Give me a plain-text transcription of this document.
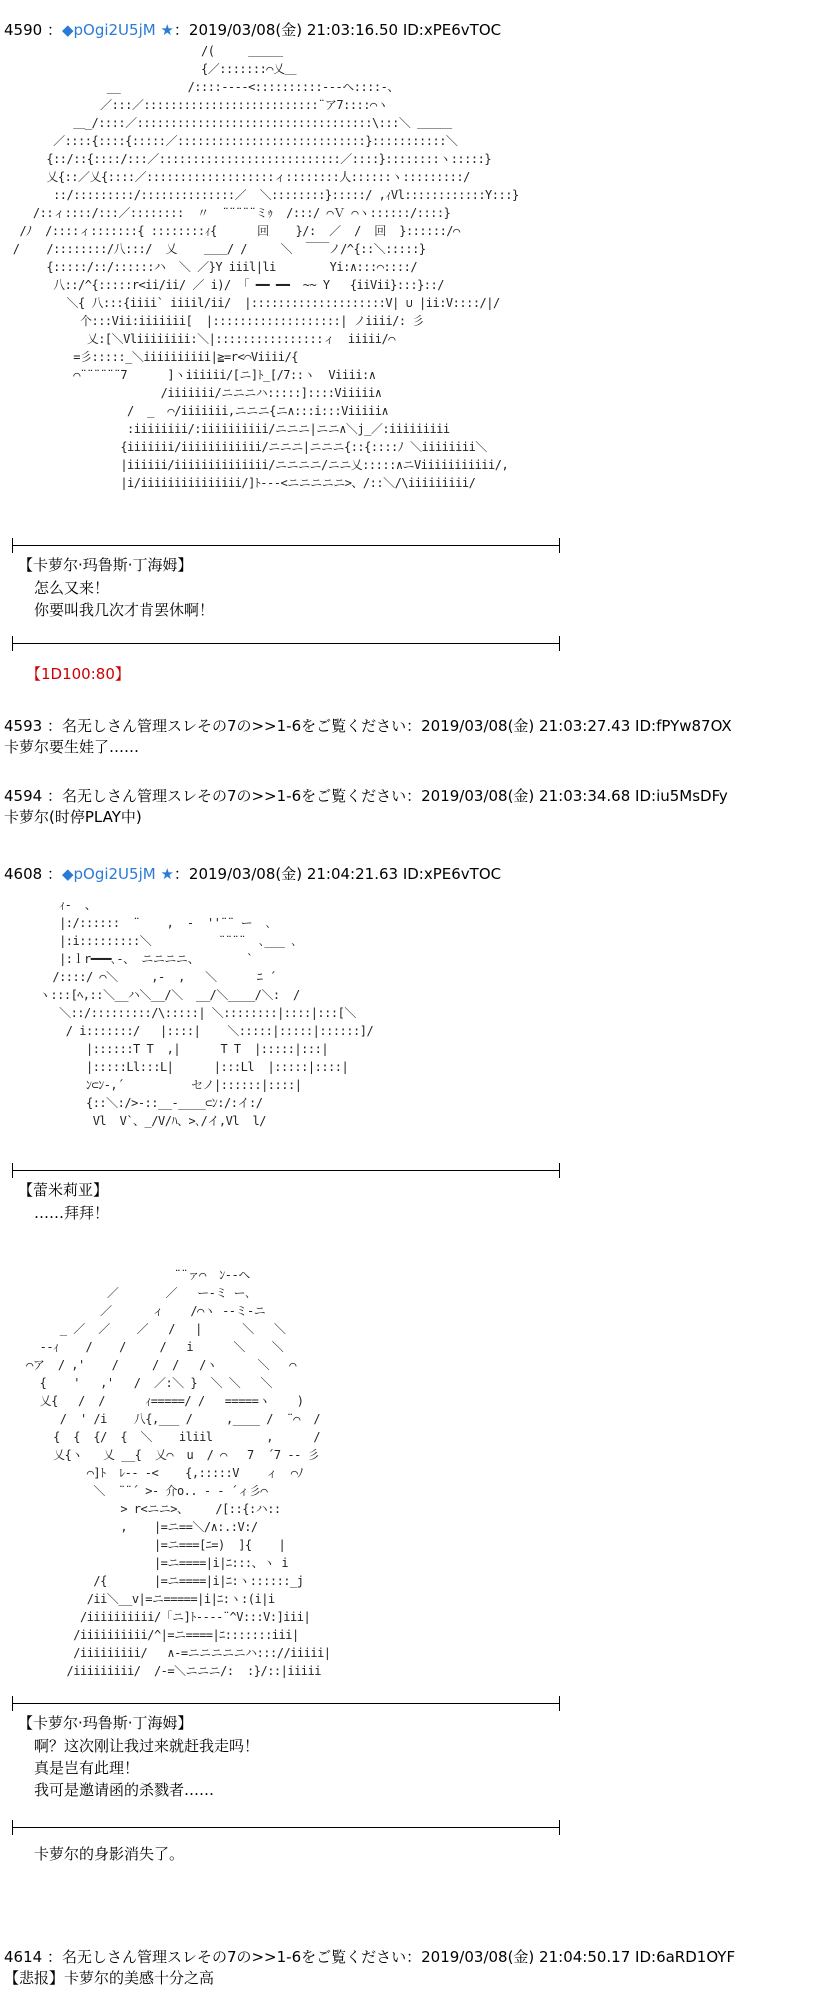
4590 ：◆pOgi2U5jM ★：2019/03/08(金) 21:03:16.50 ID:xPE6vTOC
/(     ＿＿＿
{／:::::::⌒乂＿
__          /::::----<::::::::::---ヘ::::-、
／:::／::::::::::::::::::::::::::¨ア7::::⌒ヽ
＿_/::::／:::::::::::::::::::::::::::::::::::\:::＼ ＿＿＿
／::::{::::{:::::／::::::::::::::::::::::::::::}:::::::::::＼
{::/::{::::/:::／:::::::::::::::::::::::::::／::::}::::::::ヽ:::::}
乂{::／乂{::::／:::::::::::::::::::ィ::::::::人::::::ヽ:::::::::/
::/:::::::::/::::::::::::::／  ＼::::::::}:::::/ ,ｨVl::::::::::::Y:::}
/::ィ::::/:::／::::::::  〃  ¨¨¨¨¨ミｩ  /:::/ ⌒Ｖ ⌒ヽ::::::/::::}
/ﾉ  /::::ィ:::::::{ ::::::::ｨ{      回    }/:  ／  /  回  }::::::/⌒
/    /::::::::/八:::/  乂    ＿＿/ /     ＼  ￣￣ノ/^{::＼:::::}
{:::::/::/::::::ハ  ＼ ／}Y iiil|li        Yi:∧:::⌒::::/
八::/^{:::::r<ii/ii/ ／ i)/ 「 ━━ ━━  ~~ Y   {iiVii}:::}::/
＼{ 八:::{iiii` iiiil/ii/  |::::::::::::::::::::V| ∪ |ii:V::::/|/
个:::Vii:iiiiiii[  |:::::::::::::::::::| ノiiii/: 彡
乂:[＼Vliiiiiiii:＼|::::::::::::::::ィ  iiiii/⌒
=彡:::::_＼iiiiiiiiii|≧=r<⌒Viiii/{
⌒¨¨¨¨¨¨7      ]ヽiiiiii/[ニ]ﾄ_[/7::ヽ  Viiii:∧
/iiiiiii/ニニニハ:::::]::::Viiiii∧
/  _  ⌒/iiiiiii,ニニニ{ニ∧:::i:::Viiiii∧
:iiiiiiii/:iiiiiiiiii/ニニニ|ニニ∧＼j_／:iiiiiiiii
{iiiiiii/iiiiiiiiiiii/ニニニ|ニニニ{::{::::ﾉ ＼iiiiiiii＼
|iiiiii/iiiiiiiiiiiiii/ニニニニ/ニニ乂:::::∧ニViiiiiiiiiii/,
|i/iiiiiiiiiiiiiii/]ﾄ---<ニニニニニ>、/::＼/\iiiiiiiii/
【卡萝尔·玛鲁斯·丁海姆】
怎么又来！
你要叫我几次才肯罢休啊！
【1D100:80】
4593 ：名无しさん管理スレその7の>>1-6をご覧ください：2019/03/08(金) 21:03:27.43 ID:fPYw87OX
卡萝尔要生娃了……
4594 ：名无しさん管理スレその7の>>1-6をご覧ください：2019/03/08(金) 21:03:34.68 ID:iu5MsDFy
卡萝尔(时停PLAY中)
4608 ：◆pOgi2U5jM ★：2019/03/08(金) 21:04:21.63 ID:xPE6vTOC
ｨ-  、
|:/::::::  ¨    ,  -  ''¨¨ ー  ､
|:i:::::::::＼          ¨¨¨¨  ､___ ､
|:ｌr━━━､-、 ニニニニ、       `
/::::/ ⌒＼     ,-  ,   ＼      ﾆ ´
ヽ:::[ﾍ,::＼__ハ＼__/＼  __/＼____/＼:  /
＼::/:::::::::/\:::::| ＼::::::::|::::|:::[＼
/ i:::::::/   |::::|    ＼:::::|:::::|::::::]/
|::::::T T  ,|      T T  |:::::|:::|
|:::::Ll:::L|      |:::Ll  |:::::|::::|
ﾝ⊂ﾝ-,´          セノ|::::::|::::|
{::＼:/>-::__-____⊂ﾝ:/:イ:/
Vl  V`、_/V/ﾊ、>､/イ,Vl  l/
【蕾米莉亚】
……拜拜！
¨¨ァ⌒  ﾝ--ヘ
／       ／   ー-ミ ー､
／      ィ    /⌒ヽ --ミ-ニ
_ ／  ／    ／   /   |      ＼   ＼
--ｨ    /    /     /   i      ＼    ＼
⌒ア  / ,'    /     /  /   /ヽ      ＼   ⌒
{    '   ,'   /  ／:＼ }  ＼ ＼   ＼
乂{   /  /      ｨ=====/ /   =====ヽ    )
/  ' /i    八{,___ /     ,____ /  ¨⌒  /
{  {  {/  {  ＼    iliil        ,      /
乂{ヽ   乂 __{  乂⌒  u  / ⌒   7  ´7 -- 彡
⌒]ﾄ  ﾚ-- -<    {,:::::V    ィ  ⌒ﾉ
＼  ¨¨´ >- 介o.. - - ´ィ彡⌒
> r<ニニ>、    /[::{:ハ::
,    |=ニ==＼/∧:.:V:/
|=ニ===[ﾆ=)  ]{    |
|=ニ====|i|ﾆ:::、ヽ i
/{       |=ニ====|i|ﾆ:ヽ::::::_j
/ii＼__v|=ニ=====|i|ﾆ:ヽ:(i|i
/iiiiiiiiii/「ニ]ﾄ----¨^V:::V:]iii|
/iiiiiiiiii/^|=ニ====|ﾆ:::::::iii|
/iiiiiiiii/   ∧-=ニニニニニハ::://iiiii|
/iiiiiiiii/  /-=＼ニニニ/:  :}/::|iiiii
【卡萝尔·玛鲁斯·丁海姆】
啊？这次刚让我过来就赶我走吗！
真是岂有此理！
我可是邀请函的杀戮者……
卡萝尔的身影消失了。
4614 ：名无しさん管理スレその7の>>1-6をご覧ください：2019/03/08(金) 21:04:50.17 ID:6aRD1OYF
【悲报】卡萝尔的美感十分之高
